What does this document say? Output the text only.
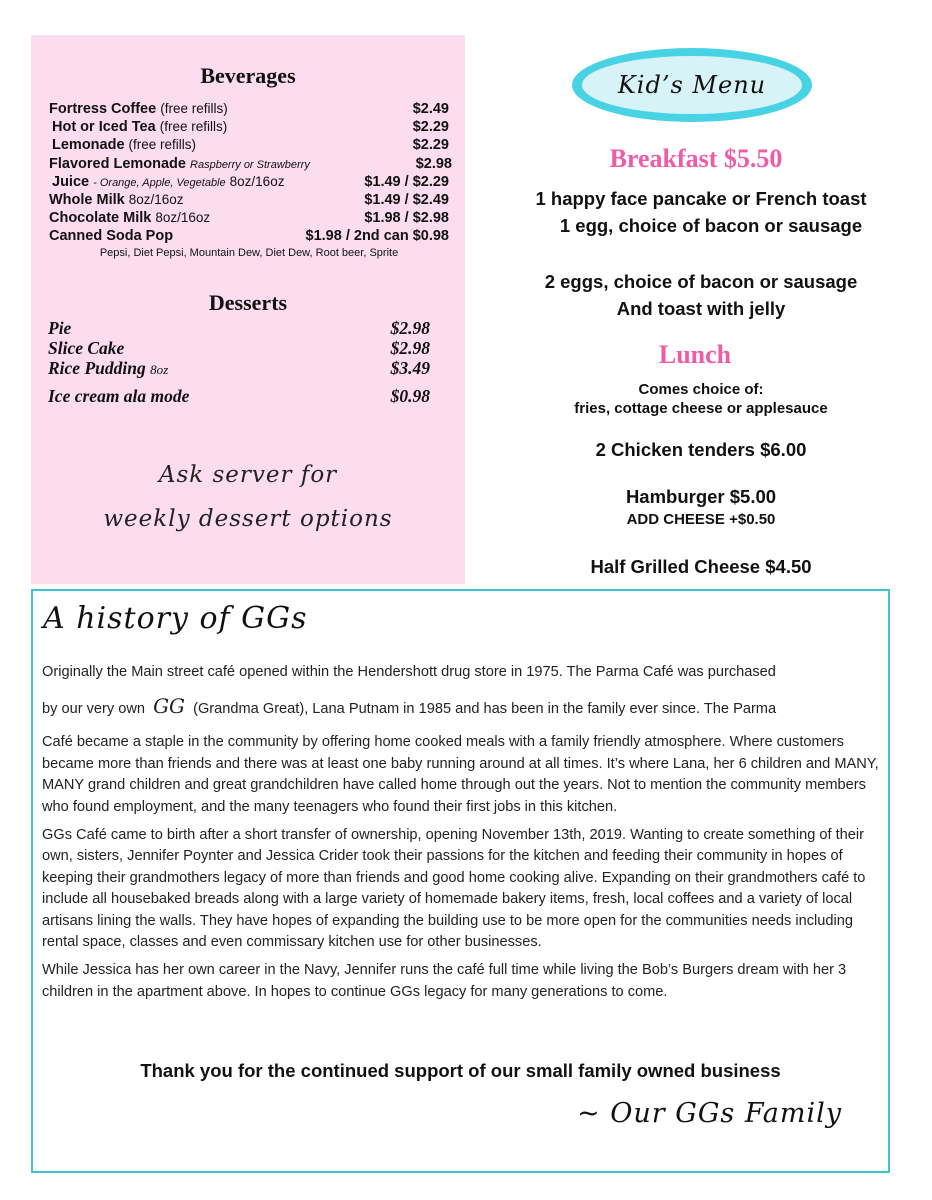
Beverages
Fortress Coffee (free refills)	$2.49
Hot or Iced Tea (free refills)	$2.29
Lemonade (free refills)	$2.29
Flavored Lemonade Raspberry or Strawberry	$2.98
Juice - Orange, Apple, Vegetable 8oz/16oz	$1.49 / $2.29
Whole Milk 8oz/16oz	$1.49 / $2.49
Chocolate Milk 8oz/16oz	$1.98 / $2.98
Canned Soda Pop	$1.98 / 2nd can $0.98
Pepsi, Diet Pepsi, Mountain Dew, Diet Dew, Root beer, Sprite
Desserts
Pie	$2.98
Slice Cake	$2.98
Rice Pudding 8oz	$3.49
Ice cream ala mode	$0.98
Ask server for
weekly dessert options
Kid’s Menu
Breakfast $5.50
1 happy face pancake or French toast
1 egg, choice of bacon or sausage
2 eggs, choice of bacon or sausage
And toast with jelly
Lunch
Comes choice of:
fries, cottage cheese or applesauce
2 Chicken tenders $6.00
Hamburger $5.00
ADD CHEESE +$0.50
Half Grilled Cheese $4.50
A history of GGs

Originally the Main street café opened within the Hendershott drug store in 1975. The Parma Café was purchased

by our very own GG (Grandma Great), Lana Putnam in 1985 and has been in the family ever since. The Parma

Café became a staple in the community by offering home cooked meals with a family friendly atmosphere. Where customers became more than friends and there was at least one baby running around at all times. It’s where Lana, her 6 children and MANY, MANY grand children and great grandchildren have called home through out the years. Not to mention the community members who found employment, and the many teenagers who found their first jobs in this kitchen.

GGs Café came to birth after a short transfer of ownership, opening November 13th, 2019. Wanting to create something of their own, sisters, Jennifer Poynter and Jessica Crider took their passions for the kitchen and feeding their community in hopes of keeping their grandmothers legacy of more than friends and good home cooking alive. Expanding on their grandmothers café to include all housebaked breads along with a large variety of homemade bakery items, fresh, local coffees and a variety of local artisans lining the walls. They have hopes of expanding the building use to be more open for the communities needs including rental space, classes and even commissary kitchen use for other businesses.

While Jessica has her own career in the Navy, Jennifer runs the café full time while living the Bob’s Burgers dream with her 3 children in the apartment above. In hopes to continue GGs legacy for many generations to come.

Thank you for the continued support of our small family owned business
~ Our GGs Family
